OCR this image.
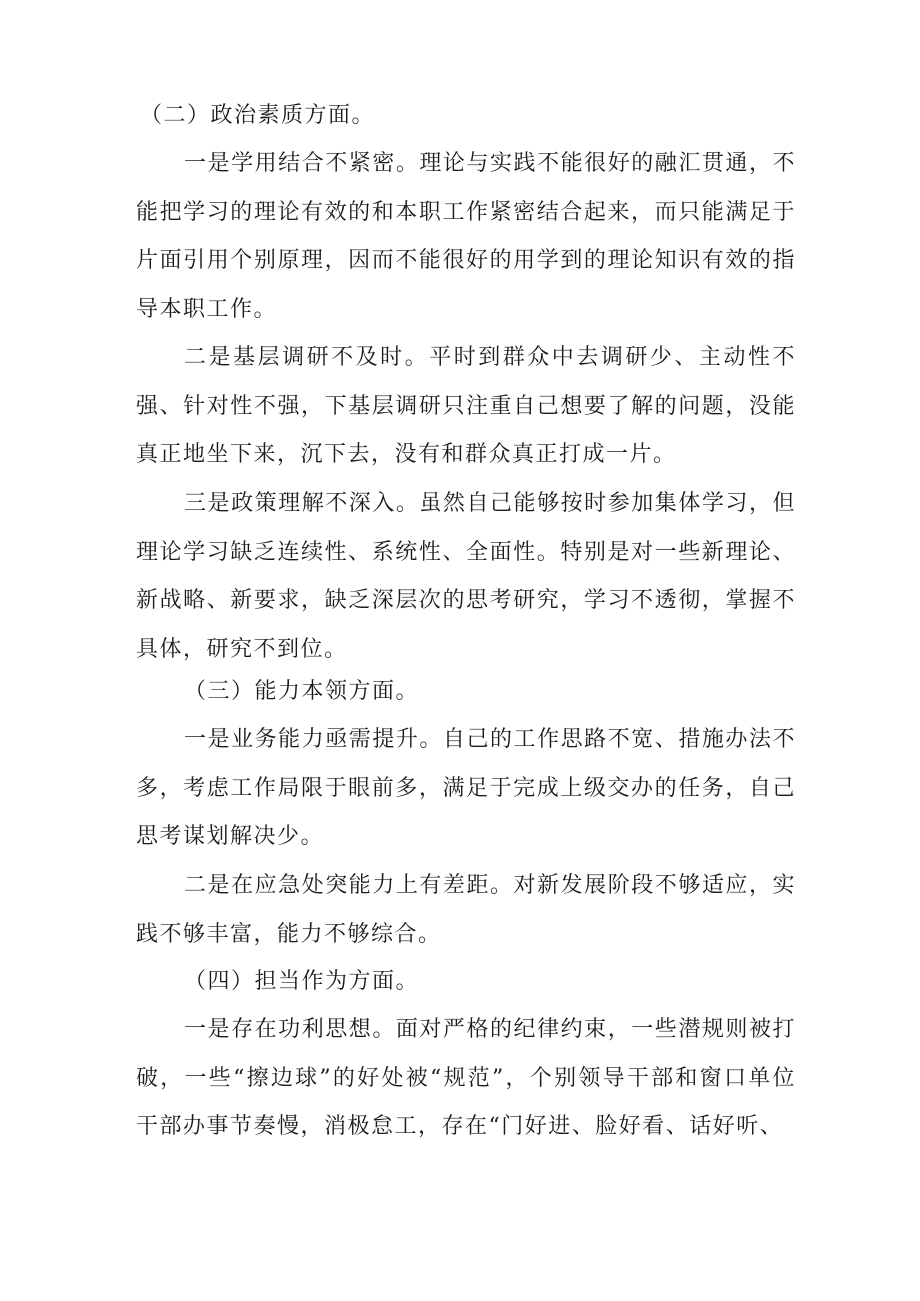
（二）政治素质方面。

一是学用结合不紧密。理论与实践不能很好的融汇贯通，不能把学习的理论有效的和本职工作紧密结合起来，而只能满足于片面引用个别原理，因而不能很好的用学到的理论知识有效的指导本职工作。

二是基层调研不及时。平时到群众中去调研少、主动性不强、针对性不强，下基层调研只注重自己想要了解的问题，没能真正地坐下来，沉下去，没有和群众真正打成一片。

三是政策理解不深入。虽然自己能够按时参加集体学习，但理论学习缺乏连续性、系统性、全面性。特别是对一些新理论、新战略、新要求，缺乏深层次的思考研究，学习不透彻，掌握不具体，研究不到位。

（三）能力本领方面。

一是业务能力亟需提升。自己的工作思路不宽、措施办法不多，考虑工作局限于眼前多，满足于完成上级交办的任务，自己思考谋划解决少。

二是在应急处突能力上有差距。对新发展阶段不够适应，实践不够丰富，能力不够综合。

（四）担当作为方面。

一是存在功利思想。面对严格的纪律约束，一些潜规则被打破，一些“擦边球”的好处被“规范”，个别领导干部和窗口单位干部办事节奏慢，消极怠工，存在“门好进、脸好看、话好听、
